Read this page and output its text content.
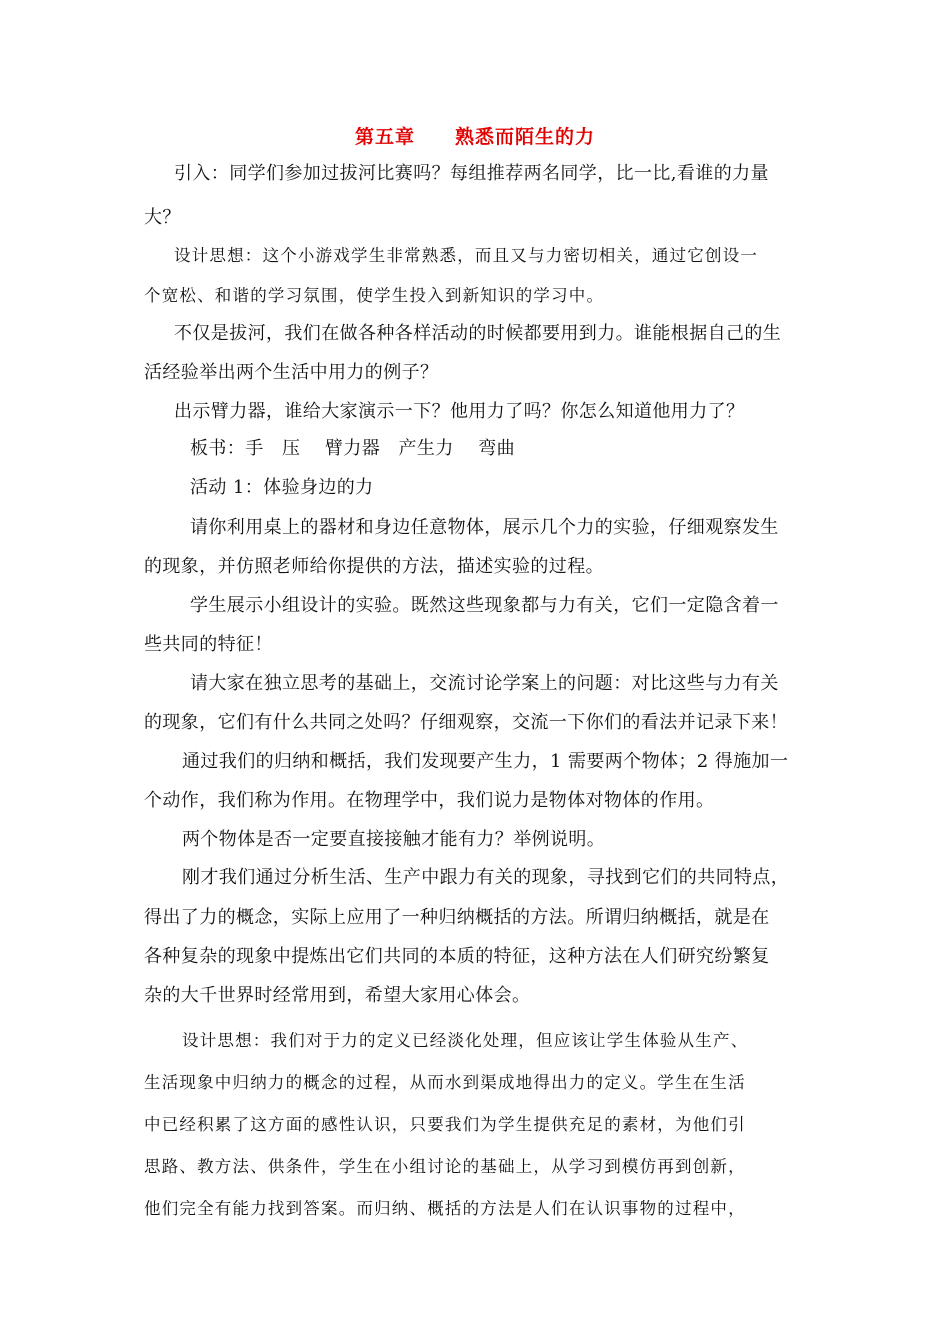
第五章 熟悉而陌生的力
引入：同学们参加过拔河比赛吗？每组推荐两名同学，比一比,看谁的力量
大？
设计思想：这个小游戏学生非常熟悉，而且又与力密切相关，通过它创设一
个宽松、和谐的学习氛围，使学生投入到新知识的学习中。
不仅是拔河，我们在做各种各样活动的时候都要用到力。谁能根据自己的生
活经验举出两个生活中用力的例子？
出示臂力器，谁给大家演示一下？他用力了吗？你怎么知道他用力了？
板书：手　压　 臂力器　产生力　 弯曲
活动 1：体验身边的力
请你利用桌上的器材和身边任意物体，展示几个力的实验，仔细观察发生
的现象，并仿照老师给你提供的方法，描述实验的过程。
学生展示小组设计的实验。既然这些现象都与力有关，它们一定隐含着一
些共同的特征！
请大家在独立思考的基础上，交流讨论学案上的问题：对比这些与力有关
的现象，它们有什么共同之处吗？仔细观察，交流一下你们的看法并记录下来！
通过我们的归纳和概括，我们发现要产生力，1 需要两个物体；2 得施加一
个动作，我们称为作用。在物理学中，我们说力是物体对物体的作用。
两个物体是否一定要直接接触才能有力？举例说明。
刚才我们通过分析生活、生产中跟力有关的现象，寻找到它们的共同特点，
得出了力的概念，实际上应用了一种归纳概括的方法。所谓归纳概括，就是在
各种复杂的现象中提炼出它们共同的本质的特征，这种方法在人们研究纷繁复
杂的大千世界时经常用到，希望大家用心体会。
设计思想：我们对于力的定义已经淡化处理，但应该让学生体验从生产、
生活现象中归纳力的概念的过程，从而水到渠成地得出力的定义。学生在生活
中已经积累了这方面的感性认识，只要我们为学生提供充足的素材，为他们引
思路、教方法、供条件，学生在小组讨论的基础上，从学习到模仿再到创新，
他们完全有能力找到答案。而归纳、概括的方法是人们在认识事物的过程中，
